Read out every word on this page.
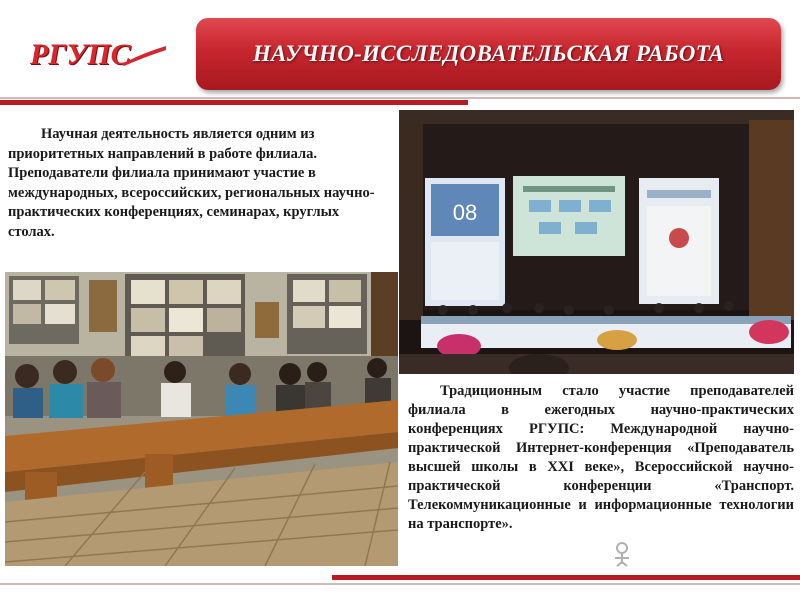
РГУПС	НАУЧНО-ИССЛЕДОВАТЕЛЬСКАЯ РАБОТА
Научная деятельность является одним из приоритетных направлений в работе филиала. Преподаватели филиала принимают участие в международных, всероссийских, региональных научно-практических конференциях, семинарах, круглых столах.
08
Традиционным стало участие преподавателей филиала в ежегодных научно-практических конференциях РГУПС: Международной научно-практической Интернет-конференция «Преподаватель высшей школы в XXI веке», Всероссийской научно-практической конференции «Транспорт. Телекоммуникационные и информационные технологии на транспорте».
